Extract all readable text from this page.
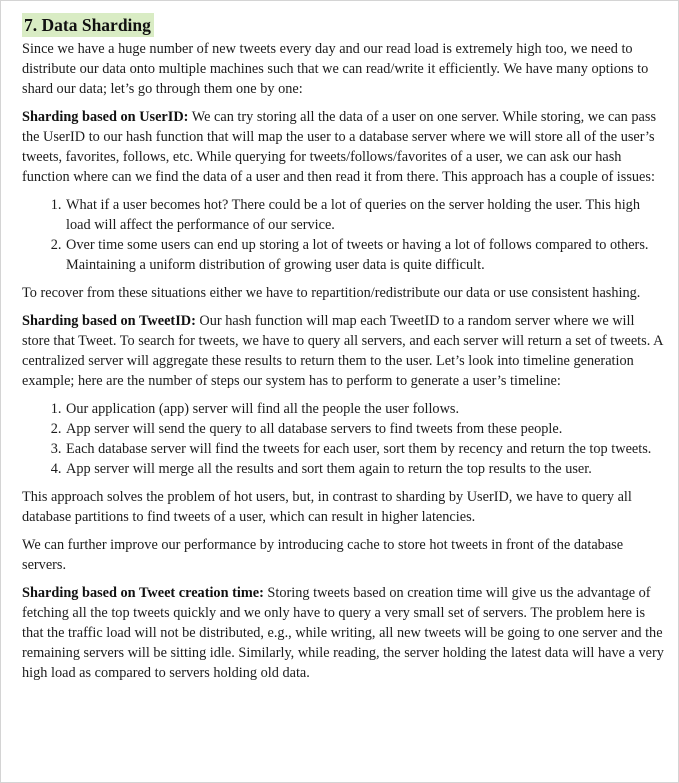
7. Data Sharding

Since we have a huge number of new tweets every day and our read load is extremely high too, we need to distribute our data onto multiple machines such that we can read/write it efficiently. We have many options to shard our data; let’s go through them one by one:

Sharding based on UserID: We can try storing all the data of a user on one server. While storing, we can pass the UserID to our hash function that will map the user to a database server where we will store all of the user’s tweets, favorites, follows, etc. While querying for tweets/follows/favorites of a user, we can ask our hash function where can we find the data of a user and then read it from there. This approach has a couple of issues:

1. What if a user becomes hot? There could be a lot of queries on the server holding the user. This high load will affect the performance of our service.
2. Over time some users can end up storing a lot of tweets or having a lot of follows compared to others. Maintaining a uniform distribution of growing user data is quite difficult.

To recover from these situations either we have to repartition/redistribute our data or use consistent hashing.

Sharding based on TweetID: Our hash function will map each TweetID to a random server where we will store that Tweet. To search for tweets, we have to query all servers, and each server will return a set of tweets. A centralized server will aggregate these results to return them to the user. Let’s look into timeline generation example; here are the number of steps our system has to perform to generate a user’s timeline:

1. Our application (app) server will find all the people the user follows.
2. App server will send the query to all database servers to find tweets from these people.
3. Each database server will find the tweets for each user, sort them by recency and return the top tweets.
4. App server will merge all the results and sort them again to return the top results to the user.

This approach solves the problem of hot users, but, in contrast to sharding by UserID, we have to query all database partitions to find tweets of a user, which can result in higher latencies.

We can further improve our performance by introducing cache to store hot tweets in front of the database servers.

Sharding based on Tweet creation time: Storing tweets based on creation time will give us the advantage of fetching all the top tweets quickly and we only have to query a very small set of servers. The problem here is that the traffic load will not be distributed, e.g., while writing, all new tweets will be going to one server and the remaining servers will be sitting idle. Similarly, while reading, the server holding the latest data will have a very high load as compared to servers holding old data.
